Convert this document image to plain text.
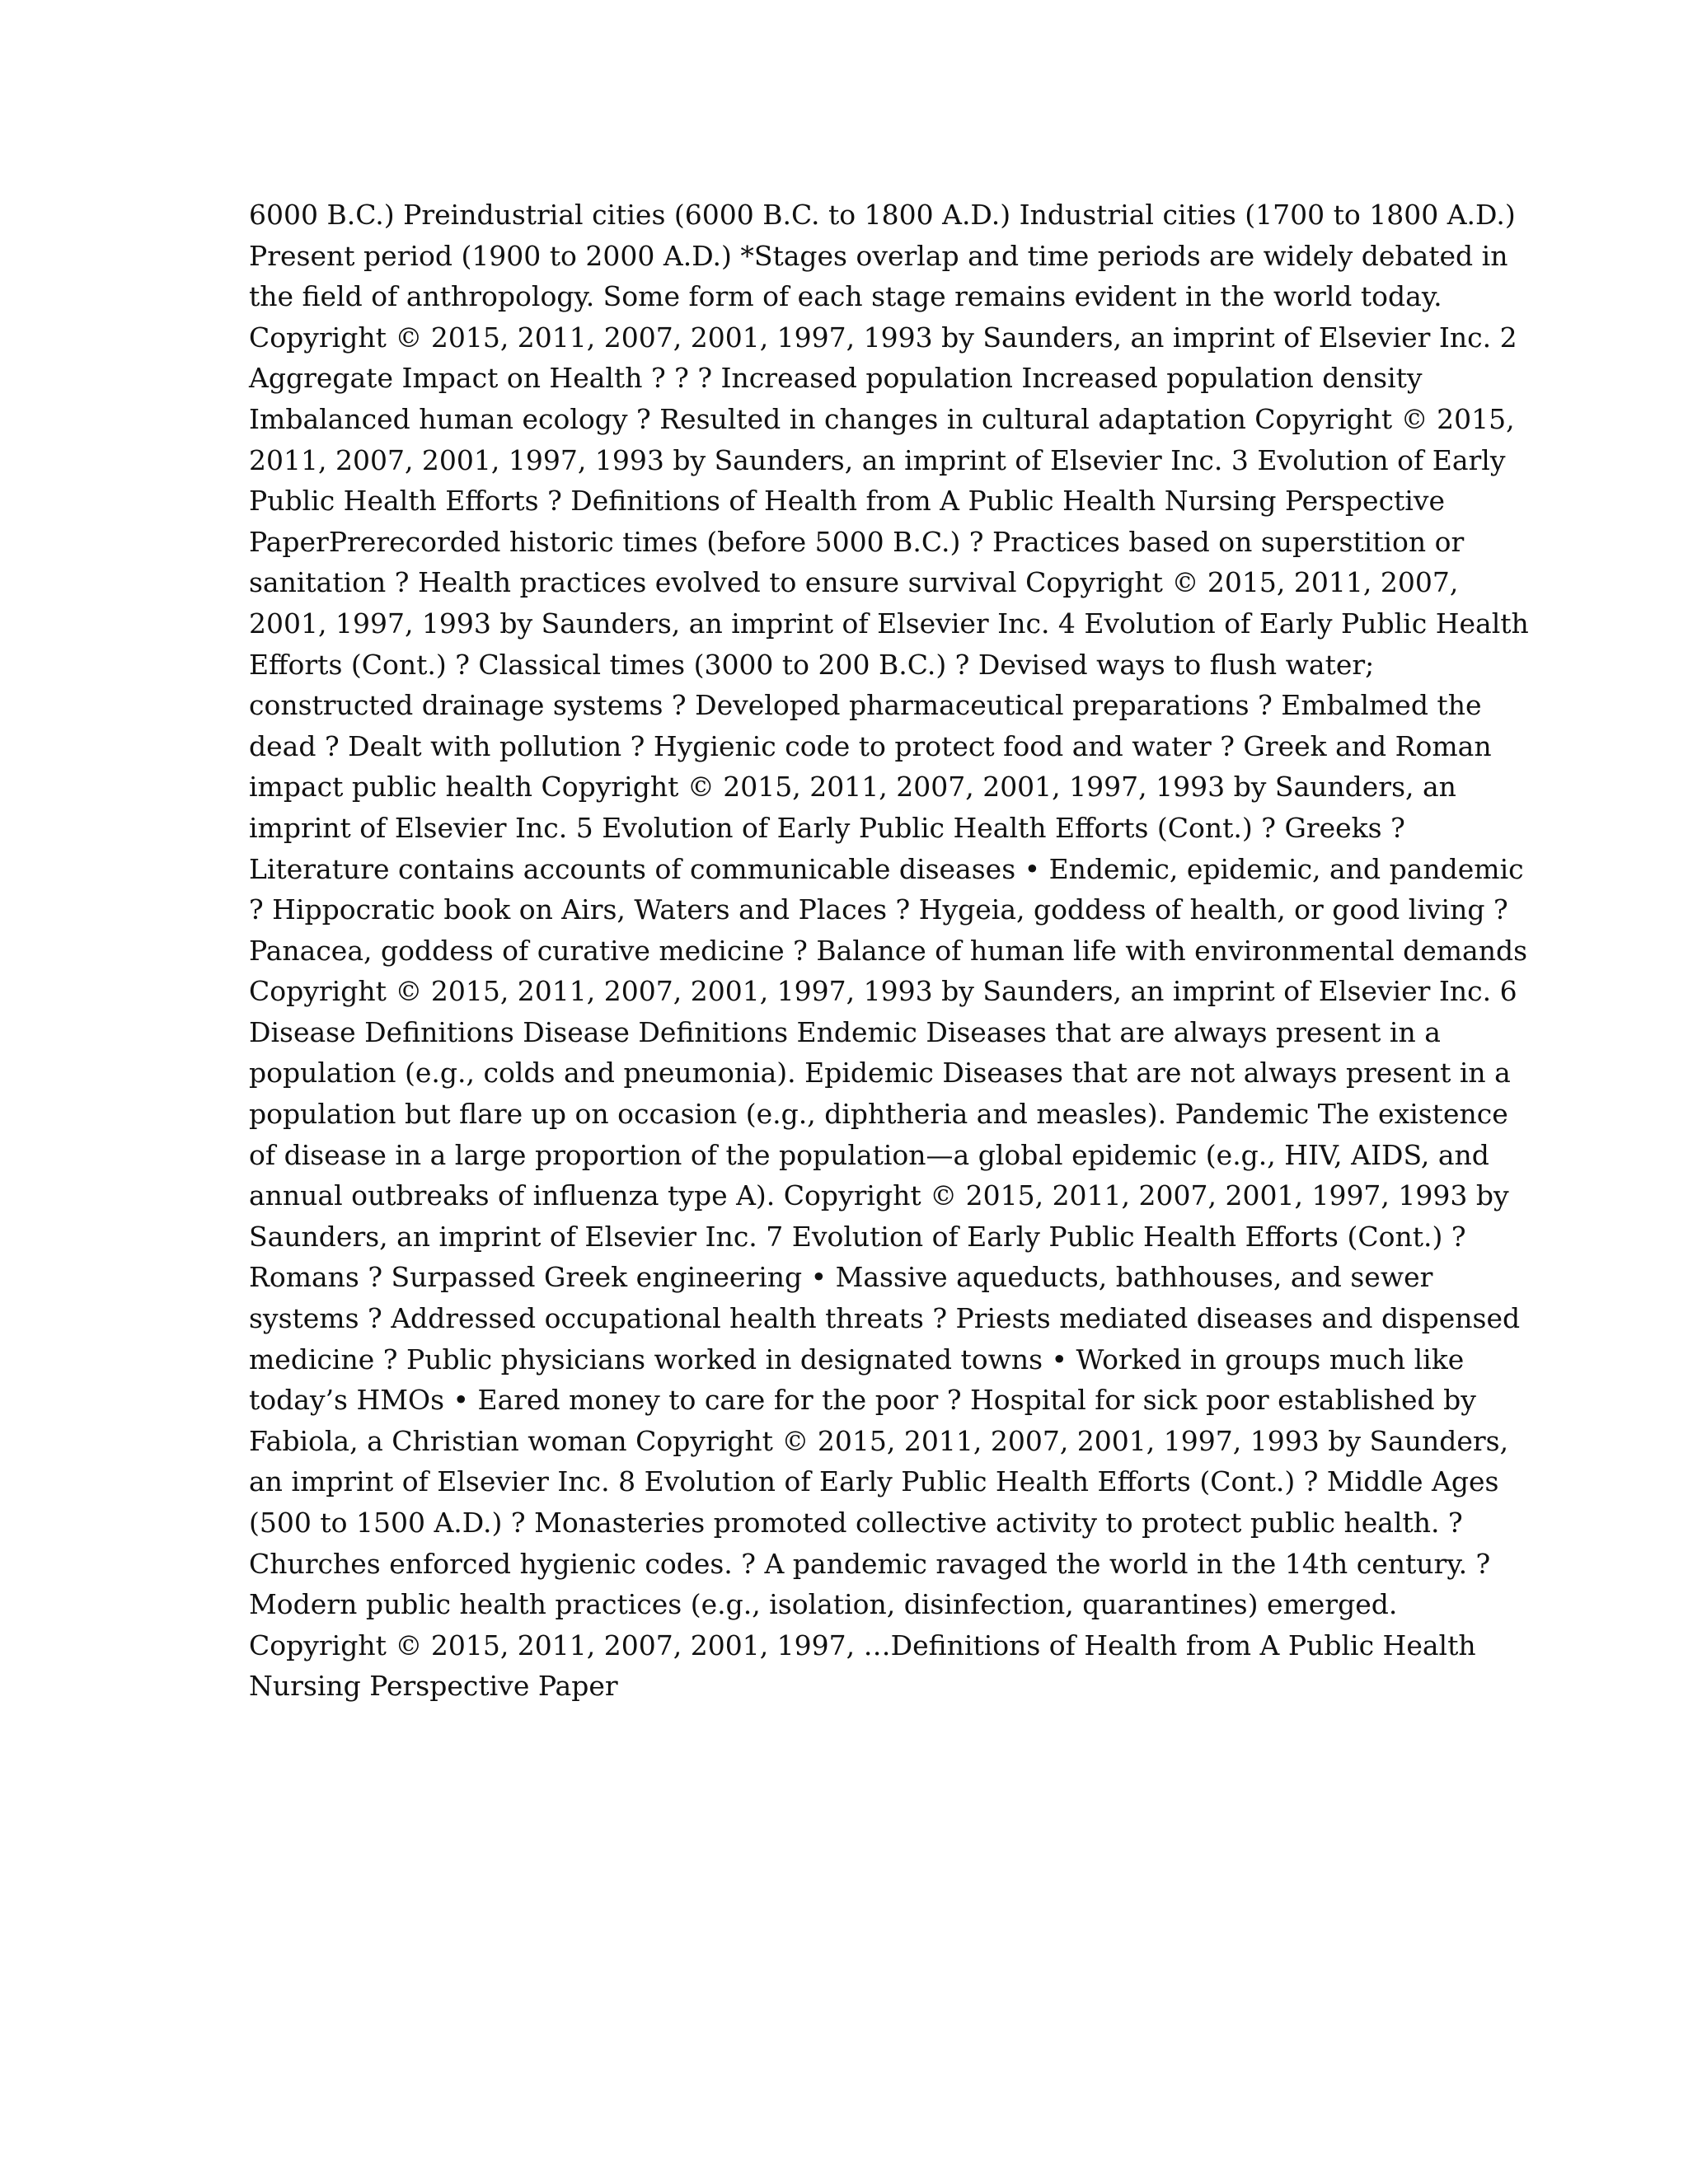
6000 B.C.) Preindustrial cities (6000 B.C. to 1800 A.D.) Industrial cities (1700 to 1800 A.D.)
Present period (1900 to 2000 A.D.) *Stages overlap and time periods are widely debated in
the field of anthropology. Some form of each stage remains evident in the world today.
Copyright © 2015, 2011, 2007, 2001, 1997, 1993 by Saunders, an imprint of Elsevier Inc. 2
Aggregate Impact on Health ? ? ? Increased population Increased population density
Imbalanced human ecology ? Resulted in changes in cultural adaptation Copyright © 2015,
2011, 2007, 2001, 1997, 1993 by Saunders, an imprint of Elsevier Inc. 3 Evolution of Early
Public Health Efforts ? Definitions of Health from A Public Health Nursing Perspective
PaperPrerecorded historic times (before 5000 B.C.) ? Practices based on superstition or
sanitation ? Health practices evolved to ensure survival Copyright © 2015, 2011, 2007,
2001, 1997, 1993 by Saunders, an imprint of Elsevier Inc. 4 Evolution of Early Public Health
Efforts (Cont.) ? Classical times (3000 to 200 B.C.) ? Devised ways to flush water;
constructed drainage systems ? Developed pharmaceutical preparations ? Embalmed the
dead ? Dealt with pollution ? Hygienic code to protect food and water ? Greek and Roman
impact public health Copyright © 2015, 2011, 2007, 2001, 1997, 1993 by Saunders, an
imprint of Elsevier Inc. 5 Evolution of Early Public Health Efforts (Cont.) ? Greeks ?
Literature contains accounts of communicable diseases • Endemic, epidemic, and pandemic
? Hippocratic book on Airs, Waters and Places ? Hygeia, goddess of health, or good living ?
Panacea, goddess of curative medicine ? Balance of human life with environmental demands
Copyright © 2015, 2011, 2007, 2001, 1997, 1993 by Saunders, an imprint of Elsevier Inc. 6
Disease Definitions Disease Definitions Endemic Diseases that are always present in a
population (e.g., colds and pneumonia). Epidemic Diseases that are not always present in a
population but flare up on occasion (e.g., diphtheria and measles). Pandemic The existence
of disease in a large proportion of the population—a global epidemic (e.g., HIV, AIDS, and
annual outbreaks of influenza type A). Copyright © 2015, 2011, 2007, 2001, 1997, 1993 by
Saunders, an imprint of Elsevier Inc. 7 Evolution of Early Public Health Efforts (Cont.) ?
Romans ? Surpassed Greek engineering • Massive aqueducts, bathhouses, and sewer
systems ? Addressed occupational health threats ? Priests mediated diseases and dispensed
medicine ? Public physicians worked in designated towns • Worked in groups much like
today’s HMOs • Eared money to care for the poor ? Hospital for sick poor established by
Fabiola, a Christian woman Copyright © 2015, 2011, 2007, 2001, 1997, 1993 by Saunders,
an imprint of Elsevier Inc. 8 Evolution of Early Public Health Efforts (Cont.) ? Middle Ages
(500 to 1500 A.D.) ? Monasteries promoted collective activity to protect public health. ?
Churches enforced hygienic codes. ? A pandemic ravaged the world in the 14th century. ?
Modern public health practices (e.g., isolation, disinfection, quarantines) emerged.
Copyright © 2015, 2011, 2007, 2001, 1997, …Definitions of Health from A Public Health
Nursing Perspective Paper
